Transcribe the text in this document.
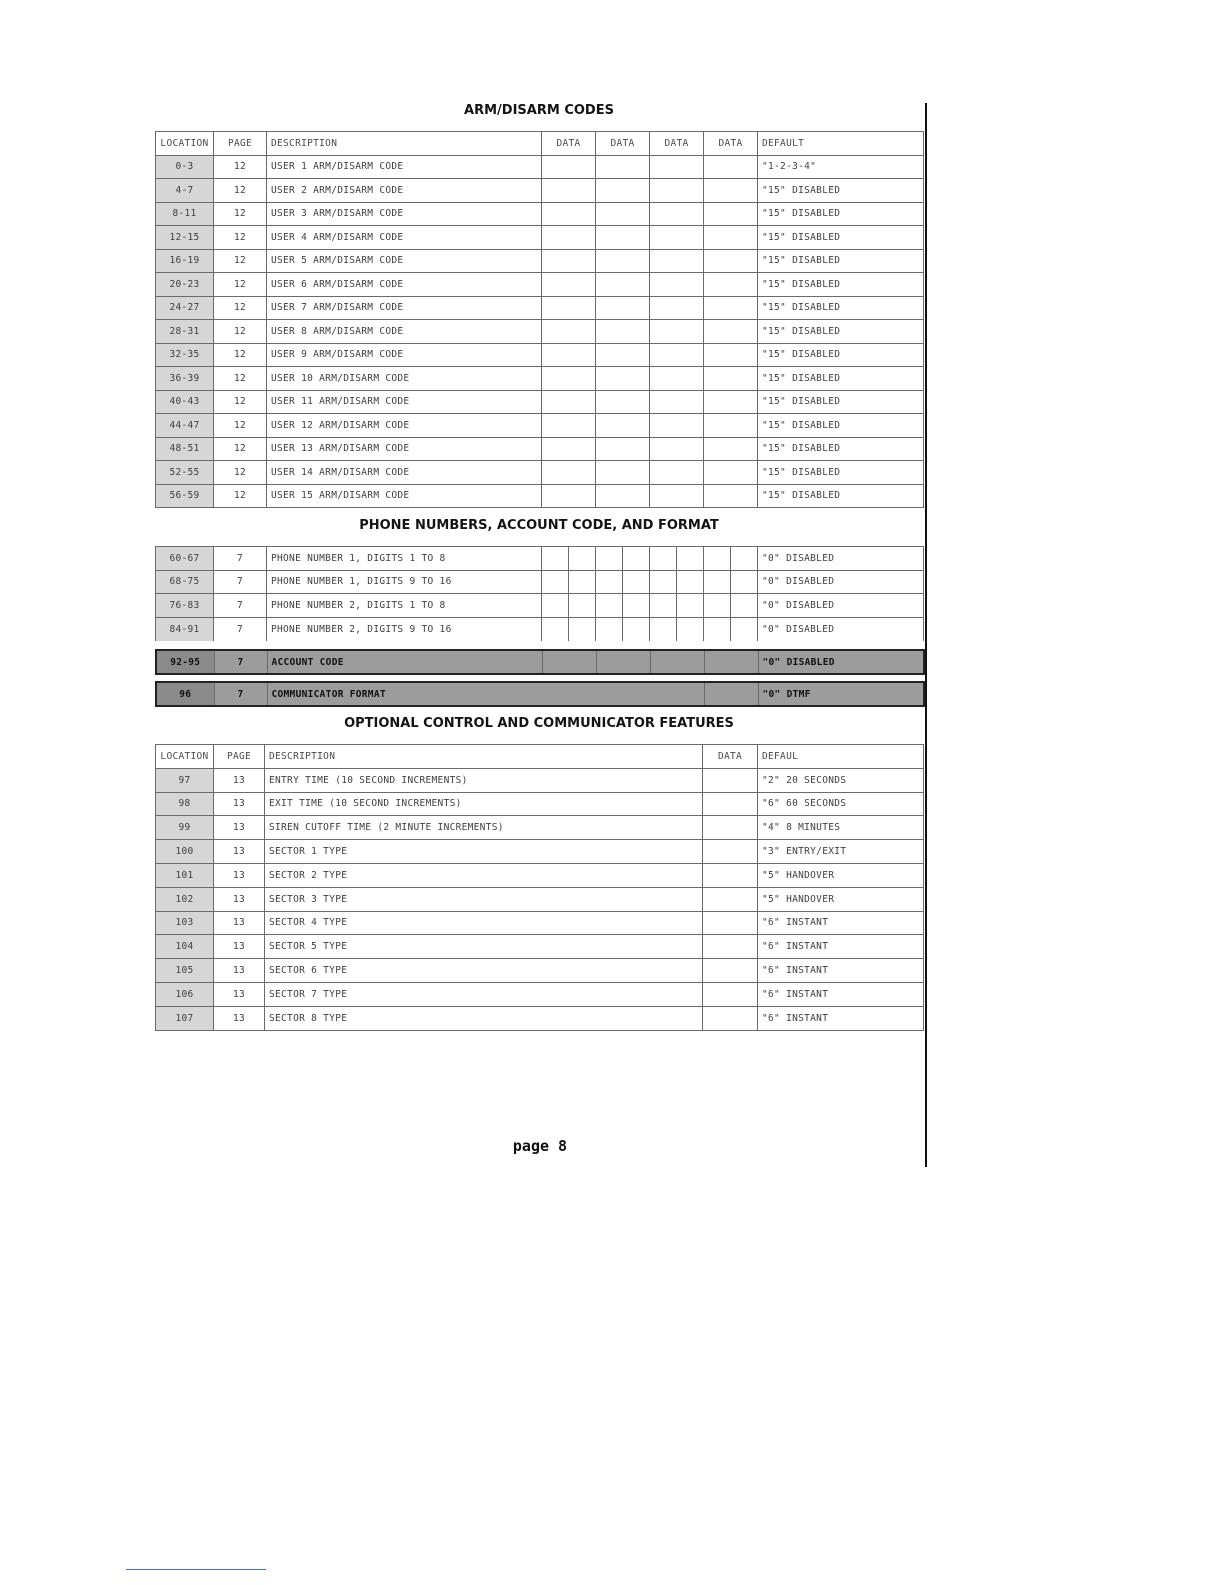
ARM/DISARM CODES
LOCATION	PAGE	DESCRIPTION	DATA	DATA	DATA	DATA	DEFAULT
0-3	12	USER 1 ARM/DISARM CODE					"1-2-3-4"
4-7	12	USER 2 ARM/DISARM CODE					"15" DISABLED
8-11	12	USER 3 ARM/DISARM CODE					"15" DISABLED
12-15	12	USER 4 ARM/DISARM CODE					"15" DISABLED
16-19	12	USER 5 ARM/DISARM CODE					"15" DISABLED
20-23	12	USER 6 ARM/DISARM CODE					"15" DISABLED
24-27	12	USER 7 ARM/DISARM CODE					"15" DISABLED
28-31	12	USER 8 ARM/DISARM CODE					"15" DISABLED
32-35	12	USER 9 ARM/DISARM CODE					"15" DISABLED
36-39	12	USER 10 ARM/DISARM CODE					"15" DISABLED
40-43	12	USER 11 ARM/DISARM CODE					"15" DISABLED
44-47	12	USER 12 ARM/DISARM CODE					"15" DISABLED
48-51	12	USER 13 ARM/DISARM CODE					"15" DISABLED
52-55	12	USER 14 ARM/DISARM CODE					"15" DISABLED
56-59	12	USER 15 ARM/DISARM CODE					"15" DISABLED
PHONE NUMBERS, ACCOUNT CODE, AND FORMAT
60-67	7	PHONE NUMBER 1, DIGITS 1 TO 8									"0" DISABLED
68-75	7	PHONE NUMBER 1, DIGITS 9 TO 16									"0" DISABLED
76-83	7	PHONE NUMBER 2, DIGITS 1 TO 8									"0" DISABLED
84-91	7	PHONE NUMBER 2, DIGITS 9 TO 16									"0" DISABLED
92-95	7	ACCOUNT CODE					"0" DISABLED
96	7	COMMUNICATOR FORMAT		"0" DTMF
OPTIONAL CONTROL AND COMMUNICATOR FEATURES
LOCATION	PAGE	DESCRIPTION	DATA	DEFAUL
97	13	ENTRY TIME (10 SECOND INCREMENTS)		"2" 20 SECONDS
98	13	EXIT TIME (10 SECOND INCREMENTS)		"6" 60 SECONDS
99	13	SIREN CUTOFF TIME (2 MINUTE INCREMENTS)		"4" 8 MINUTES
100	13	SECTOR 1 TYPE		"3" ENTRY/EXIT
101	13	SECTOR 2 TYPE		"5" HANDOVER
102	13	SECTOR 3 TYPE		"5" HANDOVER
103	13	SECTOR 4 TYPE		"6" INSTANT
104	13	SECTOR 5 TYPE		"6" INSTANT
105	13	SECTOR 6 TYPE		"6" INSTANT
106	13	SECTOR 7 TYPE		"6" INSTANT
107	13	SECTOR 8 TYPE		"6" INSTANT
page 8
